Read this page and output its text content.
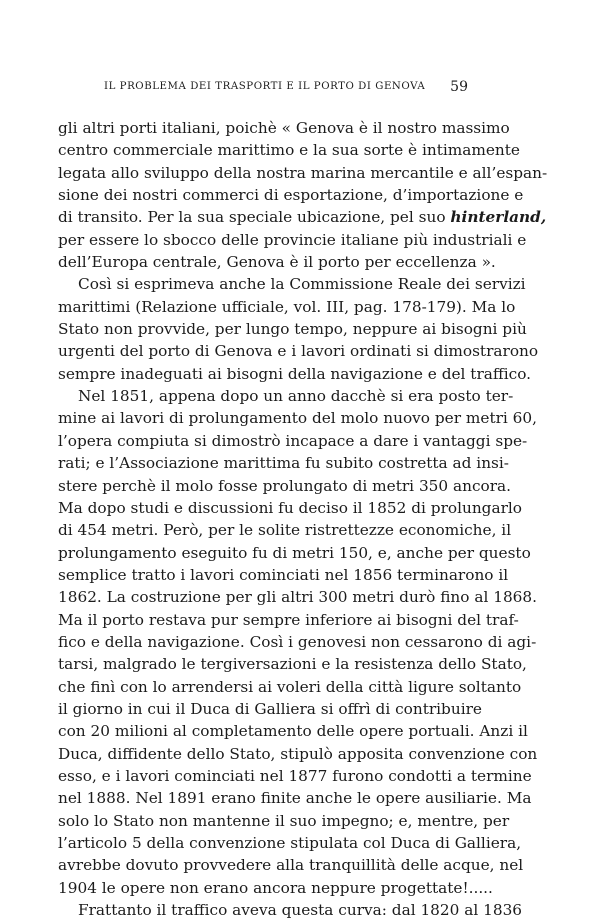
IL PROBLEMA DEI TRASPORTI E IL PORTO DI GENOVA 59
gli altri porti italiani, poichè « Genova è il nostro massimo
centro commerciale marittimo e la sua sorte è intimamente
legata allo sviluppo della nostra marina mercantile e all’espan-
sione dei nostri commerci di esportazione, d’importazione e
di transito. Per la sua speciale ubicazione, pel suo hinterland,
per essere lo sbocco delle provincie italiane più industriali e
dell’Europa centrale, Genova è il porto per eccellenza ».
Così si esprimeva anche la Commissione Reale dei servizi
marittimi (Relazione ufficiale, vol. III, pag. 178-179). Ma lo
Stato non provvide, per lungo tempo, neppure ai bisogni più
urgenti del porto di Genova e i lavori ordinati si dimostrarono
sempre inadeguati ai bisogni della navigazione e del traffico.
Nel 1851, appena dopo un anno dacchè si era posto ter-
mine ai lavori di prolungamento del molo nuovo per metri 60,
l’opera compiuta si dimostrò incapace a dare i vantaggi spe-
rati; e l’Associazione marittima fu subito costretta ad insi-
stere perchè il molo fosse prolungato di metri 350 ancora.
Ma dopo studi e discussioni fu deciso il 1852 di prolungarlo
di 454 metri. Però, per le solite ristrettezze economiche, il
prolungamento eseguito fu di metri 150, e, anche per questo
semplice tratto i lavori cominciati nel 1856 terminarono il
1862. La costruzione per gli altri 300 metri durò fino al 1868.
Ma il porto restava pur sempre inferiore ai bisogni del traf-
fico e della navigazione. Così i genovesi non cessarono di agi-
tarsi, malgrado le tergiversazioni e la resistenza dello Stato,
che finì con lo arrendersi ai voleri della città ligure soltanto
il giorno in cui il Duca di Galliera si offrì di contribuire
con 20 milioni al completamento delle opere portuali. Anzi il
Duca, diffidente dello Stato, stipulò apposita convenzione con
esso, e i lavori cominciati nel 1877 furono condotti a termine
nel 1888. Nel 1891 erano finite anche le opere ausiliarie. Ma
solo lo Stato non mantenne il suo impegno; e, mentre, per
l’articolo 5 della convenzione stipulata col Duca di Galliera,
avrebbe dovuto provvedere alla tranquillità delle acque, nel
1904 le opere non erano ancora neppure progettate!.....
Frattanto il traffico aveva questa curva: dal 1820 al 1836
